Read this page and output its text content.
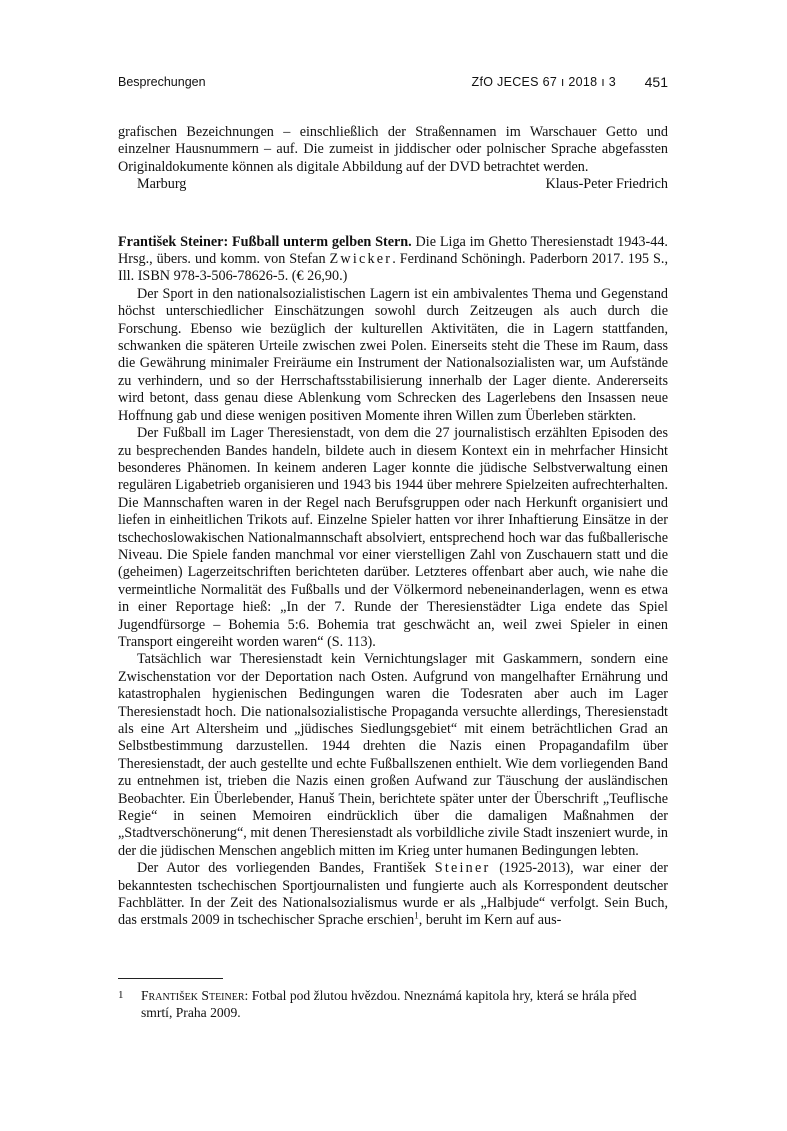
Besprechungen	ZfO JECES 67 ı 2018 ı 3 451

grafischen Bezeichnungen – einschließlich der Straßennamen im Warschauer Getto und einzelner Hausnummern – auf. Die zumeist in jiddischer oder polnischer Sprache abgefassten Originaldokumente können als digitale Abbildung auf der DVD betrachtet werden.

Marburg	Klaus-Peter Friedrich

František Steiner: Fußball unterm gelben Stern. Die Liga im Ghetto Theresienstadt 1943-44. Hrsg., übers. und komm. von Stefan Zwicker. Ferdinand Schöningh. Paderborn 2017. 195 S., Ill. ISBN 978-3-506-78626-5. (€ 26,90.)

Der Sport in den nationalsozialistischen Lagern ist ein ambivalentes Thema und Gegenstand höchst unterschiedlicher Einschätzungen sowohl durch Zeitzeugen als auch durch die Forschung. Ebenso wie bezüglich der kulturellen Aktivitäten, die in Lagern stattfanden, schwanken die späteren Urteile zwischen zwei Polen. Einerseits steht die These im Raum, dass die Gewährung minimaler Freiräume ein Instrument der Nationalsozialisten war, um Aufstände zu verhindern, und so der Herrschaftsstabilisierung innerhalb der Lager diente. Andererseits wird betont, dass genau diese Ablenkung vom Schrecken des Lagerlebens den Insassen neue Hoffnung gab und diese wenigen positiven Momente ihren Willen zum Überleben stärkten.

Der Fußball im Lager Theresienstadt, von dem die 27 journalistisch erzählten Episoden des zu besprechenden Bandes handeln, bildete auch in diesem Kontext ein in mehrfacher Hinsicht besonderes Phänomen. In keinem anderen Lager konnte die jüdische Selbstverwaltung einen regulären Ligabetrieb organisieren und 1943 bis 1944 über mehrere Spielzeiten aufrechterhalten. Die Mannschaften waren in der Regel nach Berufsgruppen oder nach Herkunft organisiert und liefen in einheitlichen Trikots auf. Einzelne Spieler hatten vor ihrer Inhaftierung Einsätze in der tschechoslowakischen Nationalmannschaft absolviert, entsprechend hoch war das fußballerische Niveau. Die Spiele fanden manchmal vor einer vierstelligen Zahl von Zuschauern statt und die (geheimen) Lagerzeitschriften berichteten darüber. Letzteres offenbart aber auch, wie nahe die vermeintliche Normalität des Fußballs und der Völkermord nebeneinanderlagen, wenn es etwa in einer Reportage hieß: „In der 7. Runde der Theresienstädter Liga endete das Spiel Jugendfürsorge – Bohemia 5:6. Bohemia trat geschwächt an, weil zwei Spieler in einen Transport eingereiht worden waren“ (S. 113).

Tatsächlich war Theresienstadt kein Vernichtungslager mit Gaskammern, sondern eine Zwischenstation vor der Deportation nach Osten. Aufgrund von mangelhafter Ernährung und katastrophalen hygienischen Bedingungen waren die Todesraten aber auch im Lager Theresienstadt hoch. Die nationalsozialistische Propaganda versuchte allerdings, Theresienstadt als eine Art Altersheim und „jüdisches Siedlungsgebiet“ mit einem beträchtlichen Grad an Selbstbestimmung darzustellen. 1944 drehten die Nazis einen Propagandafilm über Theresienstadt, der auch gestellte und echte Fußballszenen enthielt. Wie dem vorliegenden Band zu entnehmen ist, trieben die Nazis einen großen Aufwand zur Täuschung der ausländischen Beobachter. Ein Überlebender, Hanuš Thein, berichtete später unter der Überschrift „Teuflische Regie“ in seinen Memoiren eindrücklich über die damaligen Maßnahmen der „Stadtverschönerung“, mit denen Theresienstadt als vorbildliche zivile Stadt inszeniert wurde, in der die jüdischen Menschen angeblich mitten im Krieg unter humanen Bedingungen lebten.

Der Autor des vorliegenden Bandes, František Steiner (1925-2013), war einer der bekanntesten tschechischen Sportjournalisten und fungierte auch als Korrespondent deutscher Fachblätter. In der Zeit des Nationalsozialismus wurde er als „Halbjude“ verfolgt. Sein Buch, das erstmals 2009 in tschechischer Sprache erschien$^1$, beruht im Kern auf aus-

1 František Steiner: Fotbal pod žlutou hvězdou. Nneznámá kapitola hry, která se hrála před smrtí, Praha 2009.
